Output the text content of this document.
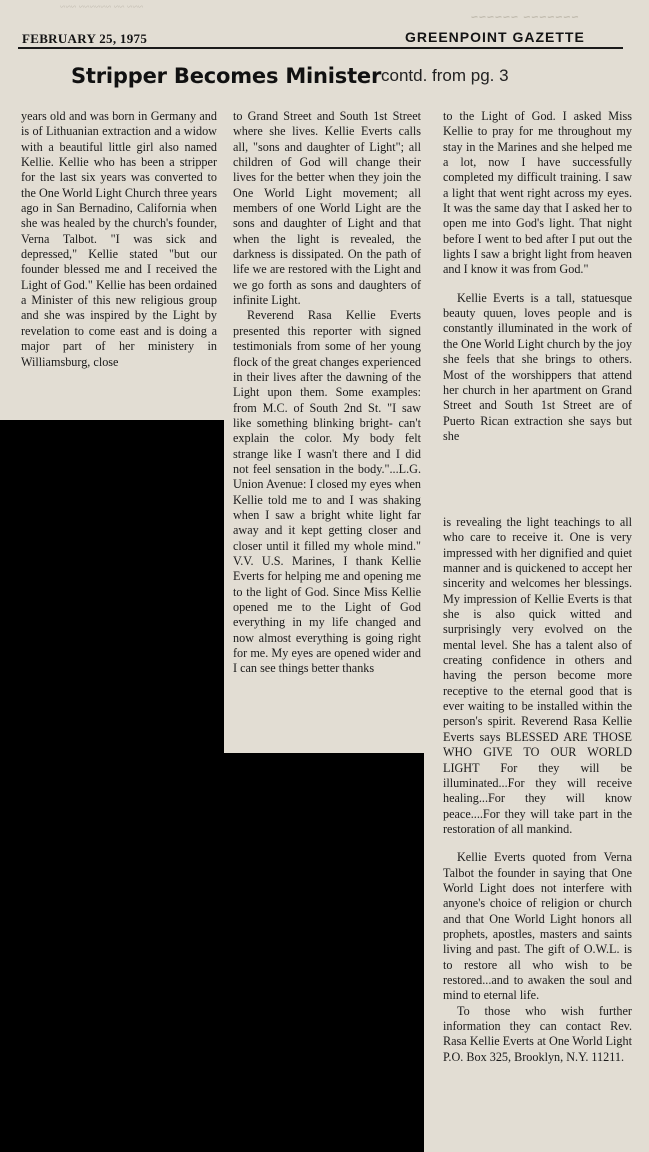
~~~ ~~ ~~~~~~ ~~~
~~~~~~~ ~~~~~~
FEBRUARY 25, 1975	GREENPOINT GAZETTE
Stripper Becomes Minister contd. from pg. 3

years old and was born in Germany and is of Lithuanian extraction and a widow with a beautiful little girl also named Kellie. Kellie who has been a stripper for the last six years was converted to the One World Light Church three years ago in San Bernadino, California when she was healed by the church's founder, Verna Talbot. "I was sick and depressed," Kellie stated "but our founder blessed me and I received the Light of God." Kellie has been ordained a Minister of this new religious group and she was inspired by the Light by revelation to come east and is doing a major part of her ministery in Williamsburg, close

to Grand Street and South 1st Street where she lives. Kellie Everts calls all, "sons and daughter of Light"; all children of God will change their lives for the better when they join the One World Light movement; all members of one World Light are the sons and daughter of Light and that when the light is revealed, the darkness is dissipated. On the path of life we are restored with the Light and we go forth as sons and daughters of infinite Light.

Reverend Rasa Kellie Everts presented this reporter with signed testimonials from some of her young flock of the great changes experienced in their lives after the dawning of the Light upon them. Some examples: from M.C. of South 2nd St. "I saw like something blinking bright- can't explain the color. My body felt strange like I wasn't there and I did not feel sensation in the body."...L.G. Union Avenue: I closed my eyes when Kellie told me to and I was shaking when I saw a bright white light far away and it kept getting closer and closer until it filled my whole mind." V.V. U.S. Marines, I thank Kellie Everts for helping me and opening me to the light of God. Since Miss Kellie opened me to the Light of God everything in my life changed and now almost everything is going right for me. My eyes are opened wider and I can see things better thanks

to the Light of God. I asked Miss Kellie to pray for me throughout my stay in the Marines and she helped me a lot, now I have successfully completed my difficult training. I saw a light that went right across my eyes. It was the same day that I asked her to open me into God's light. That night before I went to bed after I put out the lights I saw a bright light from heaven and I know it was from God."

Kellie Everts is a tall, statuesque beauty quuen, loves people and is constantly illuminated in the work of the One World Light church by the joy she feels that she brings to others. Most of the worshippers that attend her church in her apartment on Grand Street and South 1st Street are of Puerto Rican extraction she says but she

is revealing the light teachings to all who care to receive it. One is very impressed with her dignified and quiet manner and is quickened to accept her sincerity and welcomes her blessings. My impression of Kellie Everts is that she is also quick witted and surprisingly very evolved on the mental level. She has a talent also of creating confidence in others and having the person become more receptive to the eternal good that is ever waiting to be installed within the person's spirit. Reverend Rasa Kellie Everts says BLESSED ARE THOSE WHO GIVE TO OUR WORLD LIGHT For they will be illuminated...For they will receive healing...For they will know peace....For they will take part in the restoration of all mankind.

Kellie Everts quoted from Verna Talbot the founder in saying that One World Light does not interfere with anyone's choice of religion or church and that One World Light honors all prophets, apostles, masters and saints living and past. The gift of O.W.L. is to restore all who wish to be restored...and to awaken the soul and mind to eternal life.

To those who wish further information they can contact Rev. Rasa Kellie Everts at One World Light P.O. Box 325, Brooklyn, N.Y. 11211.
